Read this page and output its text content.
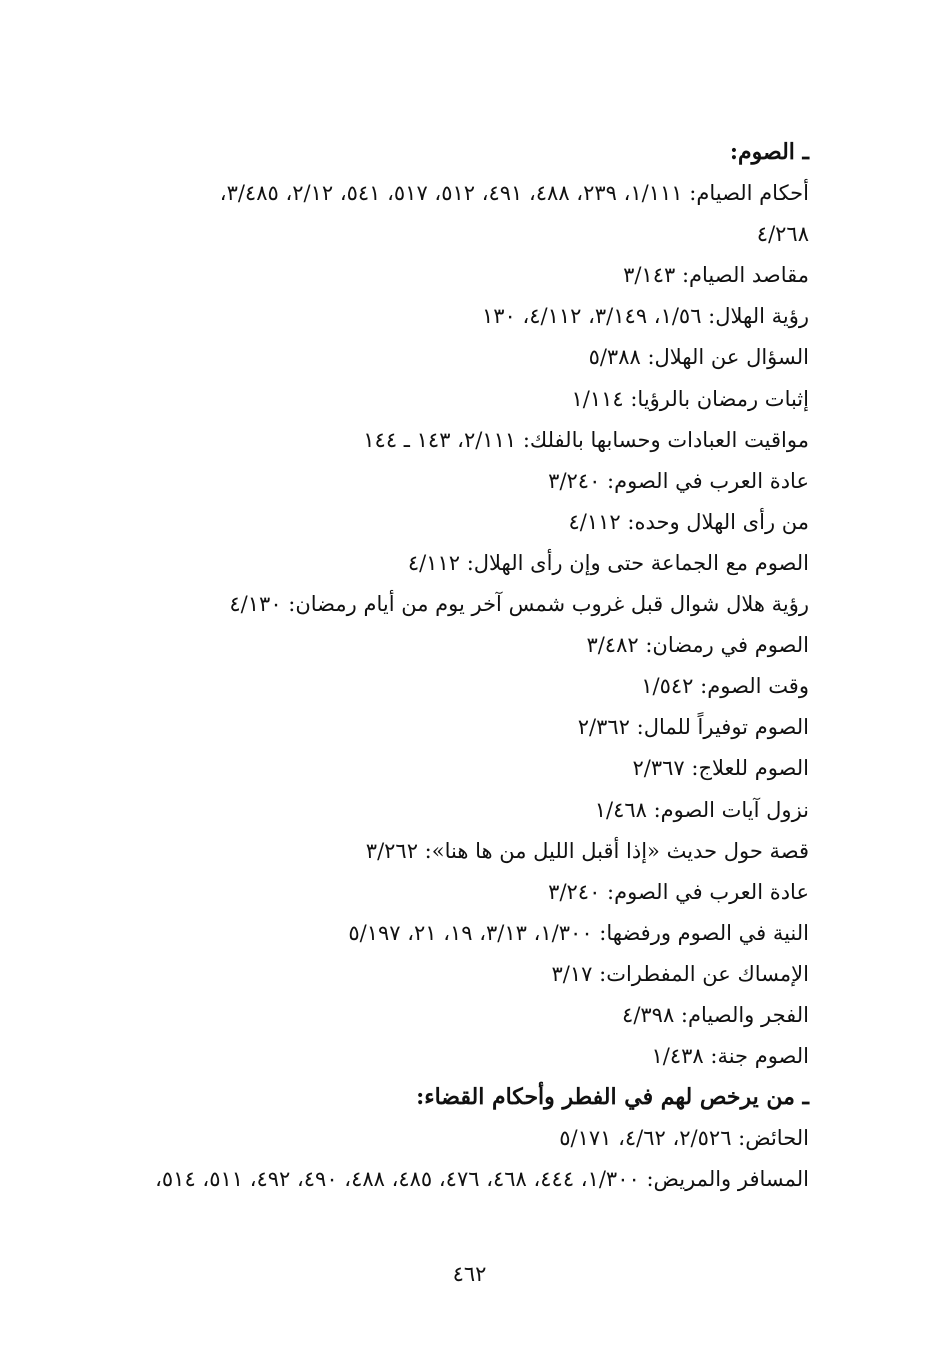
ـ الصوم:
أحكام الصيام: ١/١١١، ٢٣٩، ٤٨٨، ٤٩١، ٥١٢، ٥١٧، ٥٤١، ٢/١٢، ٣/٤٨٥،
٤/٢٦٨
مقاصد الصيام: ٣/١٤٣
رؤية الهلال: ١/٥٦، ٣/١٤٩، ٤/١١٢، ١٣٠
السؤال عن الهلال: ٥/٣٨٨
إثبات رمضان بالرؤيا: ١/١١٤
مواقيت العبادات وحسابها بالفلك: ٢/١١١، ١٤٣ ـ ١٤٤
عادة العرب في الصوم: ٣/٢٤٠
من رأى الهلال وحده: ٤/١١٢
الصوم مع الجماعة حتى وإن رأى الهلال: ٤/١١٢
رؤية هلال شوال قبل غروب شمس آخر يوم من أيام رمضان: ٤/١٣٠
الصوم في رمضان: ٣/٤٨٢
وقت الصوم: ١/٥٤٢
الصوم توفيراً للمال: ٢/٣٦٢
الصوم للعلاج: ٢/٣٦٧
نزول آيات الصوم: ١/٤٦٨
قصة حول حديث «إذا أقبل الليل من ها هنا»: ٣/٢٦٢
عادة العرب في الصوم: ٣/٢٤٠
النية في الصوم ورفضها: ١/٣٠٠، ٣/١٣، ١٩، ٢١، ٥/١٩٧
الإمساك عن المفطرات: ٣/١٧
الفجر والصيام: ٤/٣٩٨
الصوم جنة: ١/٤٣٨
ـ من يرخص لهم في الفطر وأحكام القضاء:
الحائض: ٢/٥٢٦، ٤/٦٢، ٥/١٧١
المسافر والمريض: ١/٣٠٠، ٤٤٤، ٤٦٨، ٤٧٦، ٤٨٥، ٤٨٨، ٤٩٠، ٤٩٢، ٥١١، ٥١٤،
٤٦٢
